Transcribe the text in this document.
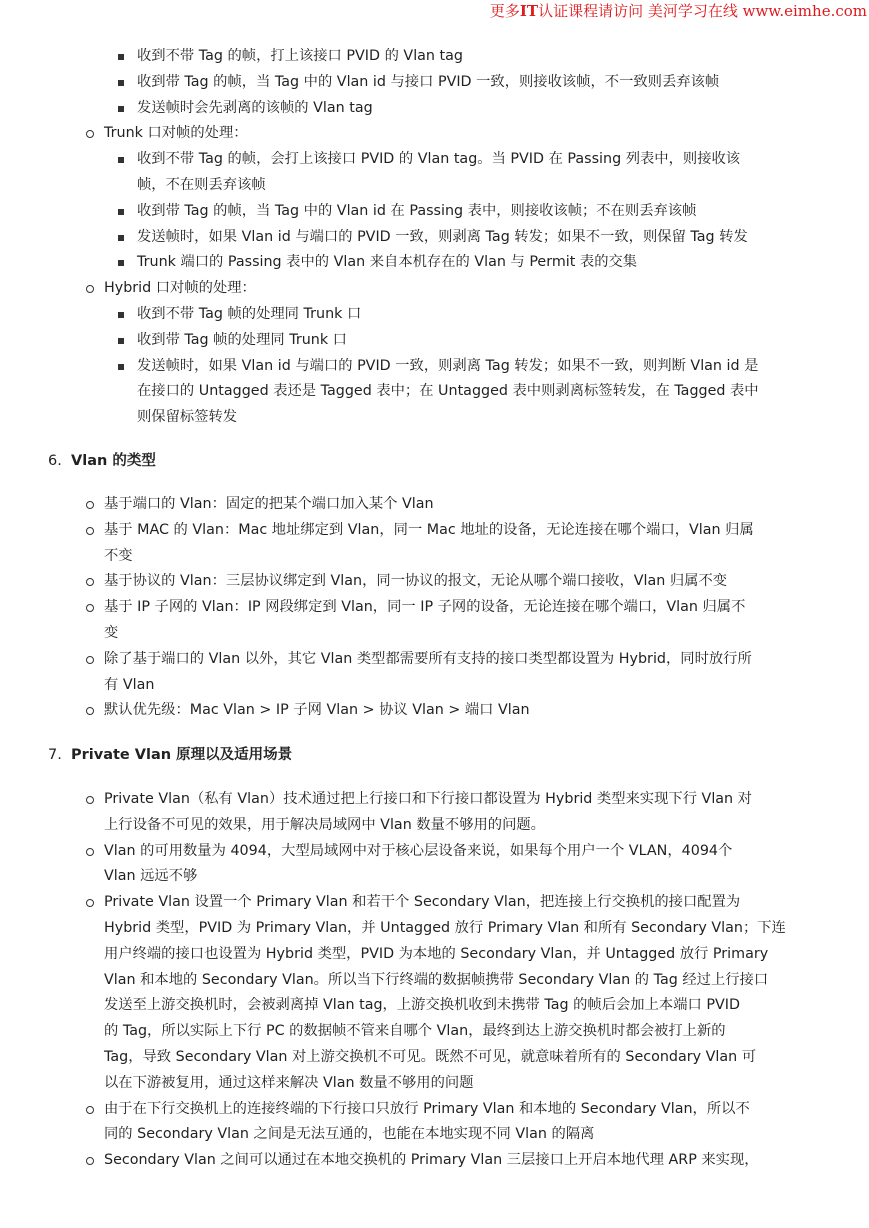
更多IT认证课程请访问 美河学习在线 www.eimhe.com
收到不带 Tag 的帧，打上该接口 PVID 的 Vlan tag
收到带 Tag 的帧，当 Tag 中的 Vlan id 与接口 PVID 一致，则接收该帧，不一致则丢弃该帧
发送帧时会先剥离的该帧的 Vlan tag
Trunk 口对帧的处理：
收到不带 Tag 的帧，会打上该接口 PVID 的 Vlan tag。当 PVID 在 Passing 列表中，则接收该
帧，不在则丢弃该帧
收到带 Tag 的帧，当 Tag 中的 Vlan id 在 Passing 表中，则接收该帧；不在则丢弃该帧
发送帧时，如果 Vlan id 与端口的 PVID 一致，则剥离 Tag 转发；如果不一致，则保留 Tag 转发
Trunk 端口的 Passing 表中的 Vlan 来自本机存在的 Vlan 与 Permit 表的交集
Hybrid 口对帧的处理：
收到不带 Tag 帧的处理同 Trunk 口
收到带 Tag 帧的处理同 Trunk 口
发送帧时，如果 Vlan id 与端口的 PVID 一致，则剥离 Tag 转发；如果不一致，则判断 Vlan id 是
在接口的 Untagged 表还是 Tagged 表中；在 Untagged 表中则剥离标签转发，在 Tagged 表中
则保留标签转发
6. Vlan 的类型
基于端口的 Vlan：固定的把某个端口加入某个 Vlan
基于 MAC 的 Vlan：Mac 地址绑定到 Vlan，同一 Mac 地址的设备，无论连接在哪个端口，Vlan 归属
不变
基于协议的 Vlan：三层协议绑定到 Vlan，同一协议的报文，无论从哪个端口接收，Vlan 归属不变
基于 IP 子网的 Vlan：IP 网段绑定到 Vlan，同一 IP 子网的设备，无论连接在哪个端口，Vlan 归属不
变
除了基于端口的 Vlan 以外，其它 Vlan 类型都需要所有支持的接口类型都设置为 Hybrid，同时放行所
有 Vlan
默认优先级：Mac Vlan > IP 子网 Vlan > 协议 Vlan > 端口 Vlan
7. Private Vlan 原理以及适用场景
Private Vlan（私有 Vlan）技术通过把上行接口和下行接口都设置为 Hybrid 类型来实现下行 Vlan 对
上行设备不可见的效果，用于解决局域网中 Vlan 数量不够用的问题。
Vlan 的可用数量为 4094，大型局域网中对于核心层设备来说，如果每个用户一个 VLAN，4094个
Vlan 远远不够
Private Vlan 设置一个 Primary Vlan 和若干个 Secondary Vlan，把连接上行交换机的接口配置为
Hybrid 类型，PVID 为 Primary Vlan，并 Untagged 放行 Primary Vlan 和所有 Secondary Vlan；下连
用户终端的接口也设置为 Hybrid 类型，PVID 为本地的 Secondary Vlan，并 Untagged 放行 Primary
Vlan 和本地的 Secondary Vlan。所以当下行终端的数据帧携带 Secondary Vlan 的 Tag 经过上行接口
发送至上游交换机时，会被剥离掉 Vlan tag，上游交换机收到未携带 Tag 的帧后会加上本端口 PVID
的 Tag，所以实际上下行 PC 的数据帧不管来自哪个 Vlan，最终到达上游交换机时都会被打上新的
Tag，导致 Secondary Vlan 对上游交换机不可见。既然不可见，就意味着所有的 Secondary Vlan 可
以在下游被复用，通过这样来解决 Vlan 数量不够用的问题
由于在下行交换机上的连接终端的下行接口只放行 Primary Vlan 和本地的 Secondary Vlan，所以不
同的 Secondary Vlan 之间是无法互通的，也能在本地实现不同 Vlan 的隔离
Secondary Vlan 之间可以通过在本地交换机的 Primary Vlan 三层接口上开启本地代理 ARP 来实现，
